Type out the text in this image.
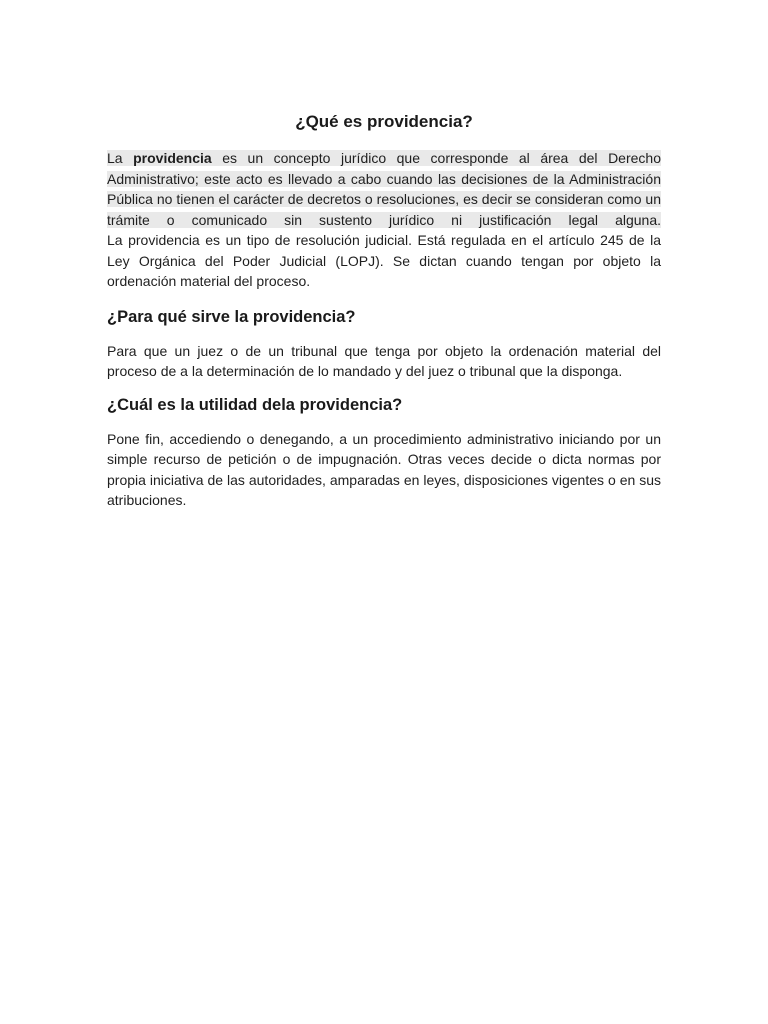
¿Qué es providencia?

La providencia es un concepto jurídico que corresponde al área del Derecho Administrativo; este acto es llevado a cabo cuando las decisiones de la Administración Pública no tienen el carácter de decretos o resoluciones, es decir se consideran como un trámite o comunicado sin sustento jurídico ni justificación legal alguna.

La providencia es un tipo de resolución judicial. Está regulada en el artículo 245 de la Ley Orgánica del Poder Judicial (LOPJ). Se dictan cuando tengan por objeto la ordenación material del proceso.

¿Para qué sirve la providencia?

Para que un juez o de un tribunal que tenga por objeto la ordenación material del proceso de a la determinación de lo mandado y del juez o tribunal que la disponga.

¿Cuál es la utilidad dela providencia?

Pone fin, accediendo o denegando, a un procedimiento administrativo iniciando por un simple recurso de petición o de impugnación. Otras veces decide o dicta normas por propia iniciativa de las autoridades, amparadas en leyes, disposiciones vigentes o en sus atribuciones.
